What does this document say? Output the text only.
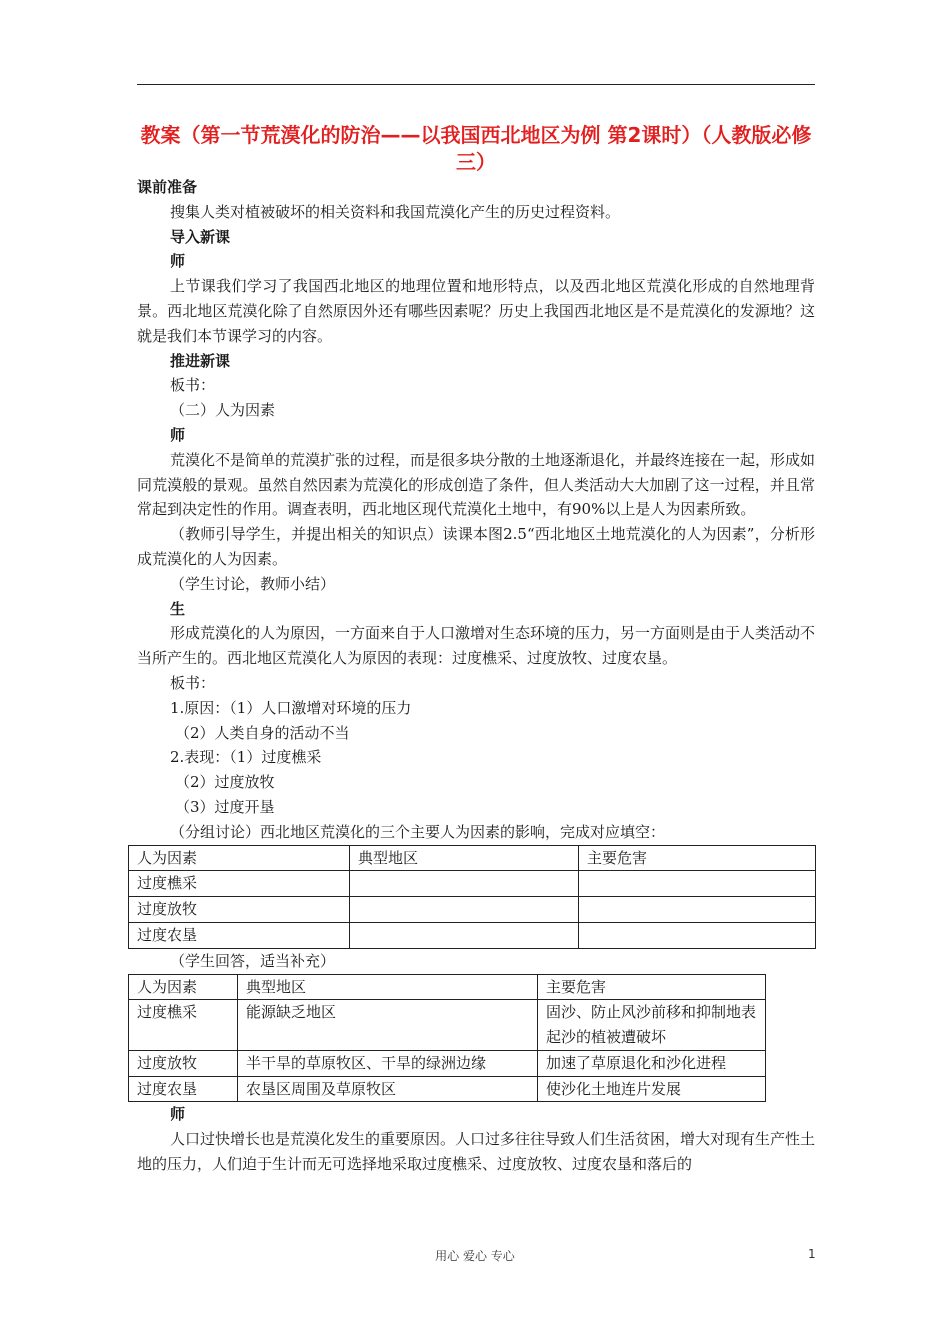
教案（第一节荒漠化的防治——以我国西北地区为例 第2课时）（人教版必修三）

课前准备

搜集人类对植被破坏的相关资料和我国荒漠化产生的历史过程资料。

导入新课

师

上节课我们学习了我国西北地区的地理位置和地形特点，以及西北地区荒漠化形成的自然地理背景。西北地区荒漠化除了自然原因外还有哪些因素呢？历史上我国西北地区是不是荒漠化的发源地？这就是我们本节课学习的内容。

推进新课

板书：

（二）人为因素

师

荒漠化不是简单的荒漠扩张的过程，而是很多块分散的土地逐渐退化，并最终连接在一起，形成如同荒漠般的景观。虽然自然因素为荒漠化的形成创造了条件，但人类活动大大加剧了这一过程，并且常常起到决定性的作用。调查表明，西北地区现代荒漠化土地中，有90%以上是人为因素所致。

（教师引导学生，并提出相关的知识点）读课本图2.5“西北地区土地荒漠化的人为因素”，分析形成荒漠化的人为因素。

（学生讨论，教师小结）

生

形成荒漠化的人为原因，一方面来自于人口激增对生态环境的压力，另一方面则是由于人类活动不当所产生的。西北地区荒漠化人为原因的表现：过度樵采、过度放牧、过度农垦。

板书：

1.原因：（1）人口激增对环境的压力

（2）人类自身的活动不当

2.表现：（1）过度樵采

（2）过度放牧

（3）过度开垦

（分组讨论）西北地区荒漠化的三个主要人为因素的影响，完成对应填空：

人为因素	典型地区	主要危害
过度樵采		
过度放牧		
过度农垦		

（学生回答，适当补充）

人为因素	典型地区	主要危害
过度樵采	能源缺乏地区	固沙、防止风沙前移和抑制地表起沙的植被遭破坏
过度放牧	半干旱的草原牧区、干旱的绿洲边缘	加速了草原退化和沙化进程
过度农垦	农垦区周围及草原牧区	使沙化土地连片发展

师

人口过快增长也是荒漠化发生的重要原因。人口过多往往导致人们生活贫困，增大对现有生产性土地的压力，人们迫于生计而无可选择地采取过度樵采、过度放牧、过度农垦和落后的

用心 爱心 专心	1
